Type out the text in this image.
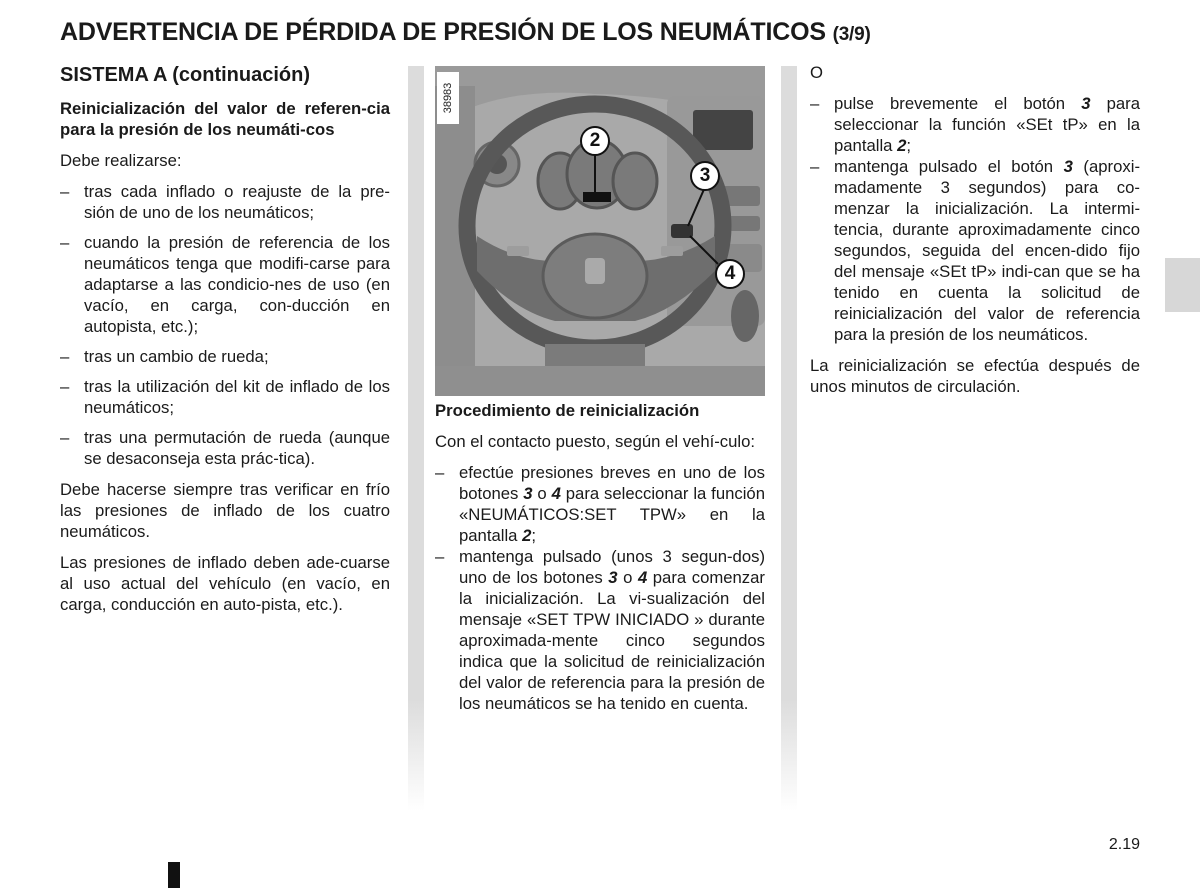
ADVERTENCIA DE PÉRDIDA DE PRESIÓN DE LOS NEUMÁTICOS (3/9)
SISTEMA A (continuación)

Reinicialización del valor de referen-cia para la presión de los neumáti-cos

Debe realizarse:

– tras cada inflado o reajuste de la pre-sión de uno de los neumáticos;
– cuando la presión de referencia de los neumáticos tenga que modifi-carse para adaptarse a las condicio-nes de uso (en vacío, en carga, con-ducción en autopista, etc.);
– tras un cambio de rueda;
– tras la utilización del kit de inflado de los neumáticos;
– tras una permutación de rueda (aunque se desaconseja esta prác-tica).

Debe hacerse siempre tras verificar en frío las presiones de inflado de los cuatro neumáticos.

Las presiones de inflado deben ade-cuarse al uso actual del vehículo (en vacío, en carga, conducción en auto-pista, etc.).

38983
2
3
4

Procedimiento de reinicialización

Con el contacto puesto, según el vehí-culo:

– efectúe presiones breves en uno de los botones 3 o 4 para seleccionar la función «NEUMÁTICOS:SET TPW» en la pantalla 2;
– mantenga pulsado (unos 3 segun-dos) uno de los botones 3 o 4 para comenzar la inicialización. La vi-sualización del mensaje «SET TPW INICIADO » durante aproximada-mente cinco segundos indica que la solicitud de reinicialización del valor de referencia para la presión de los neumáticos se ha tenido en cuenta.

O

– pulse brevemente el botón 3 para seleccionar la función «SEt tP» en la pantalla 2;
– mantenga pulsado el botón 3 (aproxi-madamente 3 segundos) para co-menzar la inicialización. La intermi-tencia, durante aproximadamente cinco segundos, seguida del encen-dido fijo del mensaje «SEt tP» indi-can que se ha tenido en cuenta la solicitud de reinicialización del valor de referencia para la presión de los neumáticos.

La reinicialización se efectúa después de unos minutos de circulación.

2.19
